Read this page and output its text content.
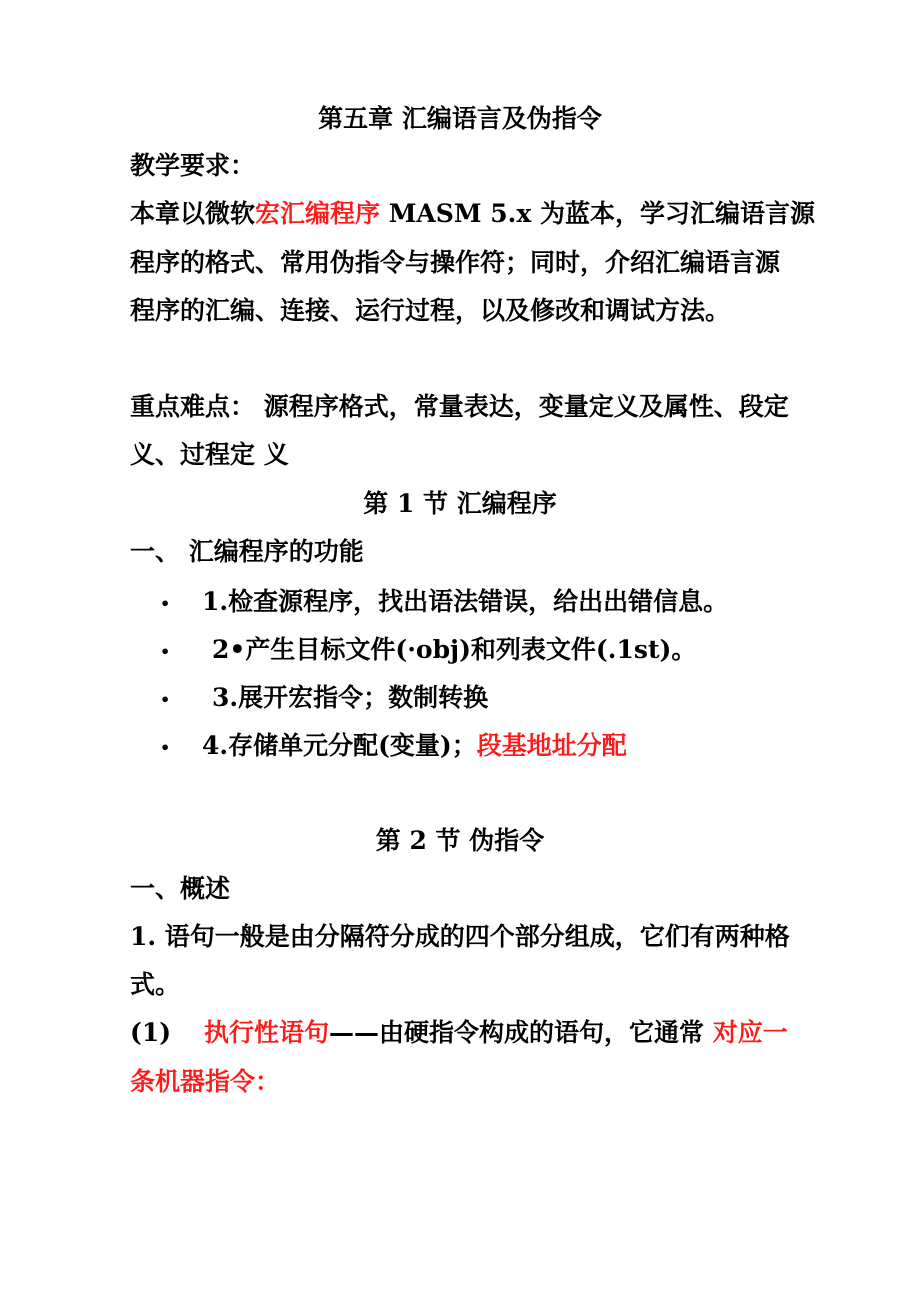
第五章 汇编语言及伪指令
教学要求：
本章以微软宏汇编程序 MASM 5.x 为蓝本，学习汇编语言源
程序的格式、常用伪指令与操作符；同时，介绍汇编语言源
程序的汇编、连接、运行过程，以及修改和调试方法。
重点难点： 源程序格式，常量表达，变量定义及属性、段定
义、过程定 义
第 1 节 汇编程序
一、 汇编程序的功能
• 1.检查源程序，找出语法错误，给出出错信息。
• 2•产生目标文件(·obj)和列表文件(.1st)。
• 3.展开宏指令；数制转换
• 4.存储单元分配(变量)；段基地址分配
第 2 节 伪指令
一、概述
1. 语句一般是由分隔符分成的四个部分组成，它们有两种格
式。
(1) 执行性语句——由硬指令构成的语句，它通常 对应一
条机器指令：
